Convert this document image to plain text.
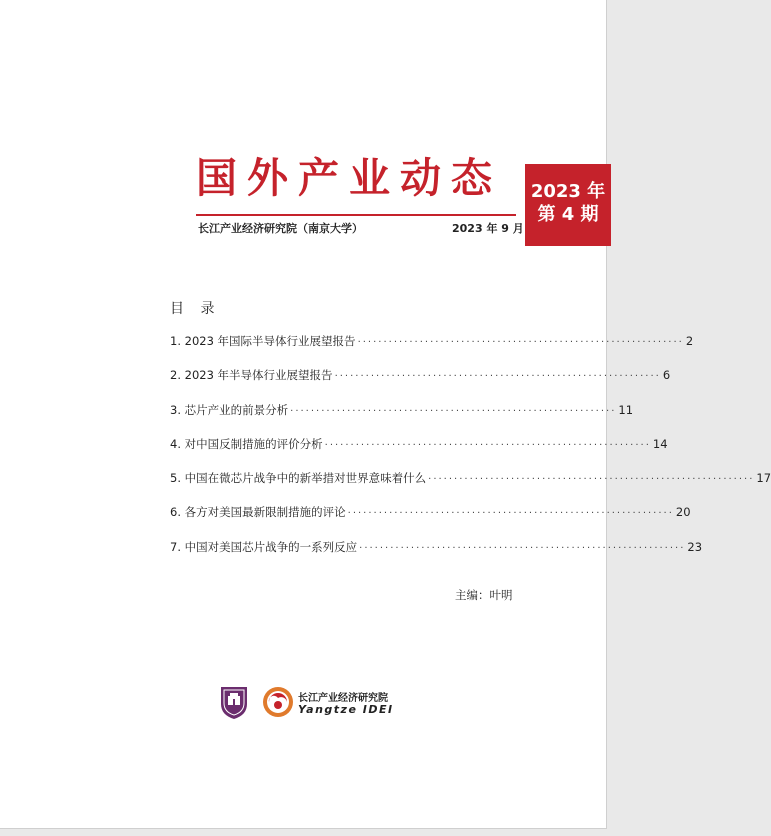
国外产业动态
长江产业经济研究院（南京大学）	2023 年 9 月
2023 年
第 4 期
目 录
1. 2023 年国际半导体行业展望报告 ······························································· 2
2. 2023 年半导体行业展望报告 ······························································· 6
3. 芯片产业的前景分析 ······························································· 11
4. 对中国反制措施的评价分析 ······························································· 14
5. 中国在微芯片战争中的新举措对世界意味着什么 ······························································· 17
6. 各方对美国最新限制措施的评论 ······························································· 20
7. 中国对美国芯片战争的一系列反应 ······························································· 23
主编：叶明
长江产业经济研究院
Yangtze IDEI
